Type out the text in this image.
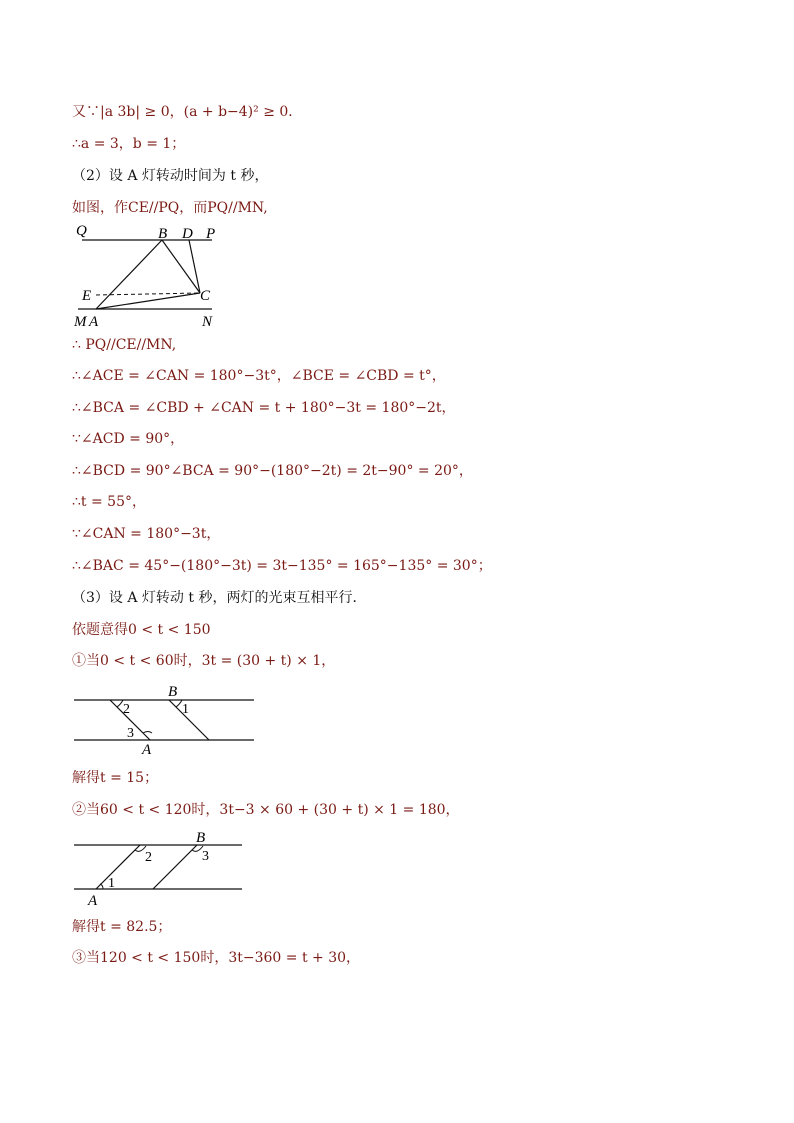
又∵|a 3b| ≥ 0，(a + b−4)² ≥ 0．
∴a = 3，b = 1；
（2）设 A 灯转动时间为 t 秒，
如图，作CE//PQ，而PQ//MN,
Q	B D P
E	C
M A	N
∴ PQ//CE//MN,
∴∠ACE = ∠CAN = 180°−3t°，∠BCE = ∠CBD = t°，
∴∠BCA = ∠CBD + ∠CAN = t + 180°−3t = 180°−2t，
∵∠ACD = 90°，
∴∠BCD = 90°∠BCA = 90°−(180°−2t) = 2t−90° = 20°，
∴t = 55°，
∵∠CAN = 180°−3t，
∴∠BAC = 45°−(180°−3t) = 3t−135° = 165°−135° = 30°；
（3）设 A 灯转动 t 秒，两灯的光束互相平行．
依题意得0 < t < 150
①当0 < t < 60时，3t = (30 + t) × 1，
B
A
1
2
3
解得t = 15；
②当60 < t < 120时，3t−3 × 60 + (30 + t) × 1 = 180，
B
A
1
2	3
解得t = 82.5；
③当120 < t < 150时，3t−360 = t + 30，
